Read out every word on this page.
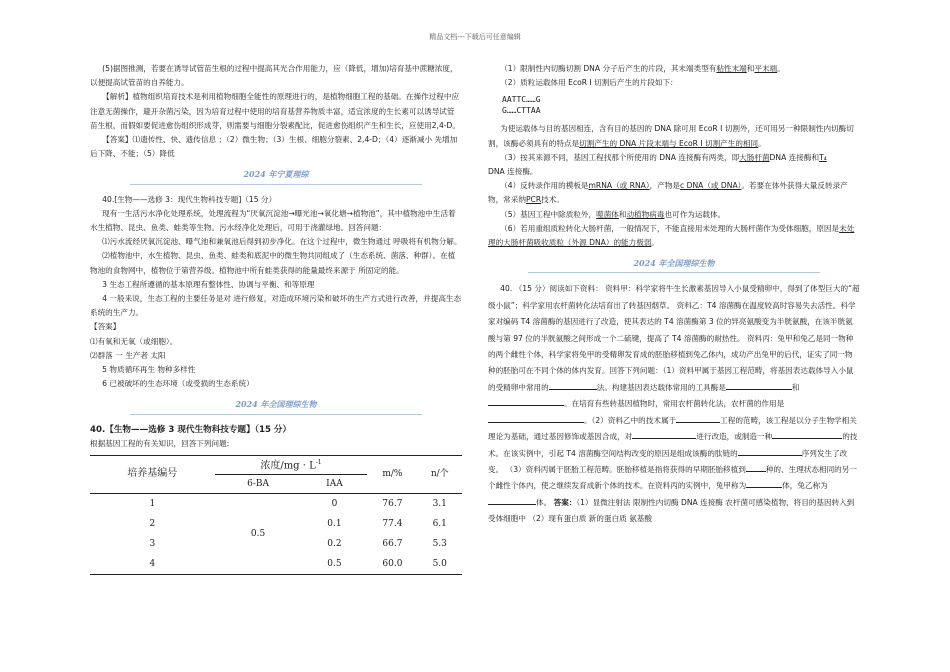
精品文档---下载后可任意编辑

(5)据图推测，若要在诱导试管苗生根的过程中提高其光合作用能力，应（降低，增加)培育基中蔗糖浓度，以便提高试管苗的自养能力。

【解析】植物组织培育技术是利用植物细胞全能性的原理进行的，是植物细胞工程的基础。在操作过程中应注意无菌操作，避开杂菌污染，因为培育过程中使用的培育基营养物质丰富，适宜浓度的生长素可以诱导试管苗生根，而假如要促进愈伤组织形成芽，则需要与细胞分裂素配比，促进愈伤组织产生和生长，应使用2,4-D。

【答案】⑴遗传性、快、遗传信息 ；（2）微生物；（3）生根、细胞分裂素、2,4-D；（4）逐渐减小 先增加后下降、不能；（5）降低

2024 年宁夏理综

40.[生物——选修 3：现代生物科技专题]（15 分）

现有一生活污水净化处理系统，处理流程为“厌氧沉淀池→曝光池→氧化塘→植物池”，其中植物池中生活着水生植物、昆虫、鱼类、蛙类等生物。污水经净化处理后，可用于浇灌绿地。回答问题：

⑴污水流经厌氧沉淀池、曝气池和兼氧池后得到初步净化。在这个过程中，微生物通过 呼吸将有机物分解。

⑵植物池中，水生植物、昆虫、鱼类、蛙类和底泥中的微生物共同组成了（生态系统、菌落、种群）。在植物池的食物网中，植物位于第营养级。植物池中所有蛙类获得的能量最终来源于 所固定的能。

3 生态工程所遵循的基本原理有整体性、协调与平衡、和等原理

4 一般来说，生态工程的主要任务是对 进行修复，对造成环境污染和破坏的生产方式进行改善，并提高生态系统的生产力。

【答案】

⑴有氧和无氧（或细胞）。

⑵群落 一 生产者 太阳

5 物质循环再生 物种多样性

6 已被破坏的生态环境（或受损的生态系统）

2024 年全国理综生物

40.【生物——选修 3 现代生物科技专题】（15 分）

根据基因工程的有关知识，回答下列问题:

培养基编号	浓度$/mg \cdot L^{-1}$		m/%	n/个
	6-BA	IAA		
1	0.5	0	76.7	3.1
2		0.1	77.4	6.1
3		0.2	66.7	5.3
4		0.5	60.0	5.0

（1）限制性内切酶切割 DNA 分子后产生的片段，其末端类型有粘性末端和平末端。

（2）质粒运载体用 EcoR Ⅰ 切割后产生的片段如下：

AATTC……G
G……CTTAA

为使运载体与目的基因相连，含有目的基因的 DNA 除可用 EcoR Ⅰ 切割外，还可用另一种限制性内切酶切割，该酶必须具有的特点是切割产生的 DNA 片段末端与 EcoR Ⅰ 切割产生的相同。

（3）按其来源不同，基因工程找那个所使用的 DNA 连接酶有两类，即大肠杆菌DNA 连接酶和T₄
DNA 连接酶。

（4）反转录作用的模板是mRNA（或 RNA），产物是c DNA（或 DNA）。若要在体外获得大量反转录产物，常采纳PCR技术。

（5）基因工程中除质粒外，噬菌体和动植物病毒也可作为运载体。

（6）若用重组质粒转化大肠杆菌，一般情况下，不能直接用未处理的大肠杆菌作为受体细胞，原因是未处理的大肠杆菌吸收质粒（外源 DNA）的能力极弱。

2024 年全国理综生物

40. （15 分）阅读如下资料： 资料甲：科学家将牛生长激素基因导入小鼠受精卵中，得到了体型巨大的“超级小鼠”；科学家用农杆菌转化法培育出了转基因烟草。 资料乙：T4 溶菌酶在温度较高时容易失去活性。科学家对编码 T4 溶菌酶的基因进行了改造，使其表达的 T4 溶菌酶第 3 位的异亮氨酸变为半胱氨酸，在该半胱氨酸与第 97 位的半胱氨酸之间形成一个二硫键，提高了 T4 溶菌酶的耐热性。 资料丙：兔甲和兔乙是同一物种的两个雌性个体，科学家将兔甲的受精卵发育成的胚胎移植到兔乙体内，成功产出兔甲的后代，证实了同一物种的胚胎可在不同个体的体内发育。回答下列问题：（1）资料甲属于基因工程范畴，将基因表达载体导入小鼠的受精卵中常用的	法。构建基因表达载体常用的工具酶是	和。在培育有些转基因植物时，常用农杆菌转化法，农杆菌的作用是。（2）资料乙中的技术属于	工程的范畴，该工程是以分子生物学相关理论为基础，通过基因修饰或基因合成，对	进行改造，或制造一种	的技术。在该实例中，引起 T4 溶菌酶空间结构改变的原因是组成该酶的肽链的	序列发生了改变。 （3）资料丙属于胚胎工程范畴。胚胎移植是指将获得的早期胚胎移植到	种的、生理状态相同的另一个雌性个体内，使之继续发育成新个体的技术。在资料丙的实例中，兔甲称为	体，兔乙称为体。 答案：（1）显微注射法 限制性内切酶 DNA 连接酶 农杆菌可感染植物，将目的基因转入到受体细胞中 （2）现有蛋白质 新的蛋白质 氨基酸
